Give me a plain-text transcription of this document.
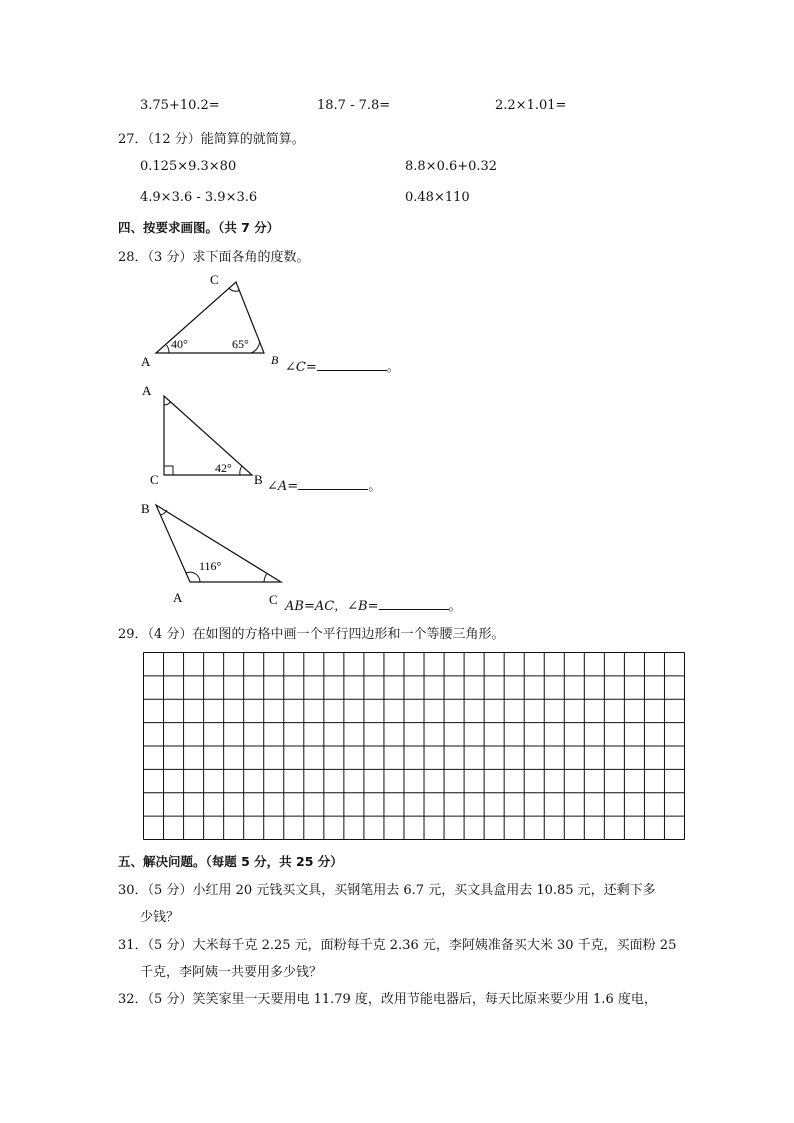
3.75+10.2=	18.7 - 7.8=	2.2×1.01=
27．（12 分）能简算的就简算。
0.125×9.3×80	8.8×0.6+0.32
4.9×3.6 - 3.9×3.6	0.48×110
四、按要求画图。（共 7 分）
28．（3 分）求下面各角的度数。
C
A	B
40°	65°
∠C=	。
A
C	B
42°
∠A=	。
B
A	C
116°
AB=AC，∠B=	。
29．（4 分）在如图的方格中画一个平行四边形和一个等腰三角形。
五、解决问题。（每题 5 分，共 25 分）
30．（5 分）小红用 20 元钱买文具，买钢笔用去 6.7 元，买文具盒用去 10.85 元，还剩下多
少钱？
31．（5 分）大米每千克 2.25 元，面粉每千克 2.36 元，李阿姨准备买大米 30 千克，买面粉 25
千克，李阿姨一共要用多少钱？
32．（5 分）笑笑家里一天要用电 11.79 度，改用节能电器后，每天比原来要少用 1.6 度电，
